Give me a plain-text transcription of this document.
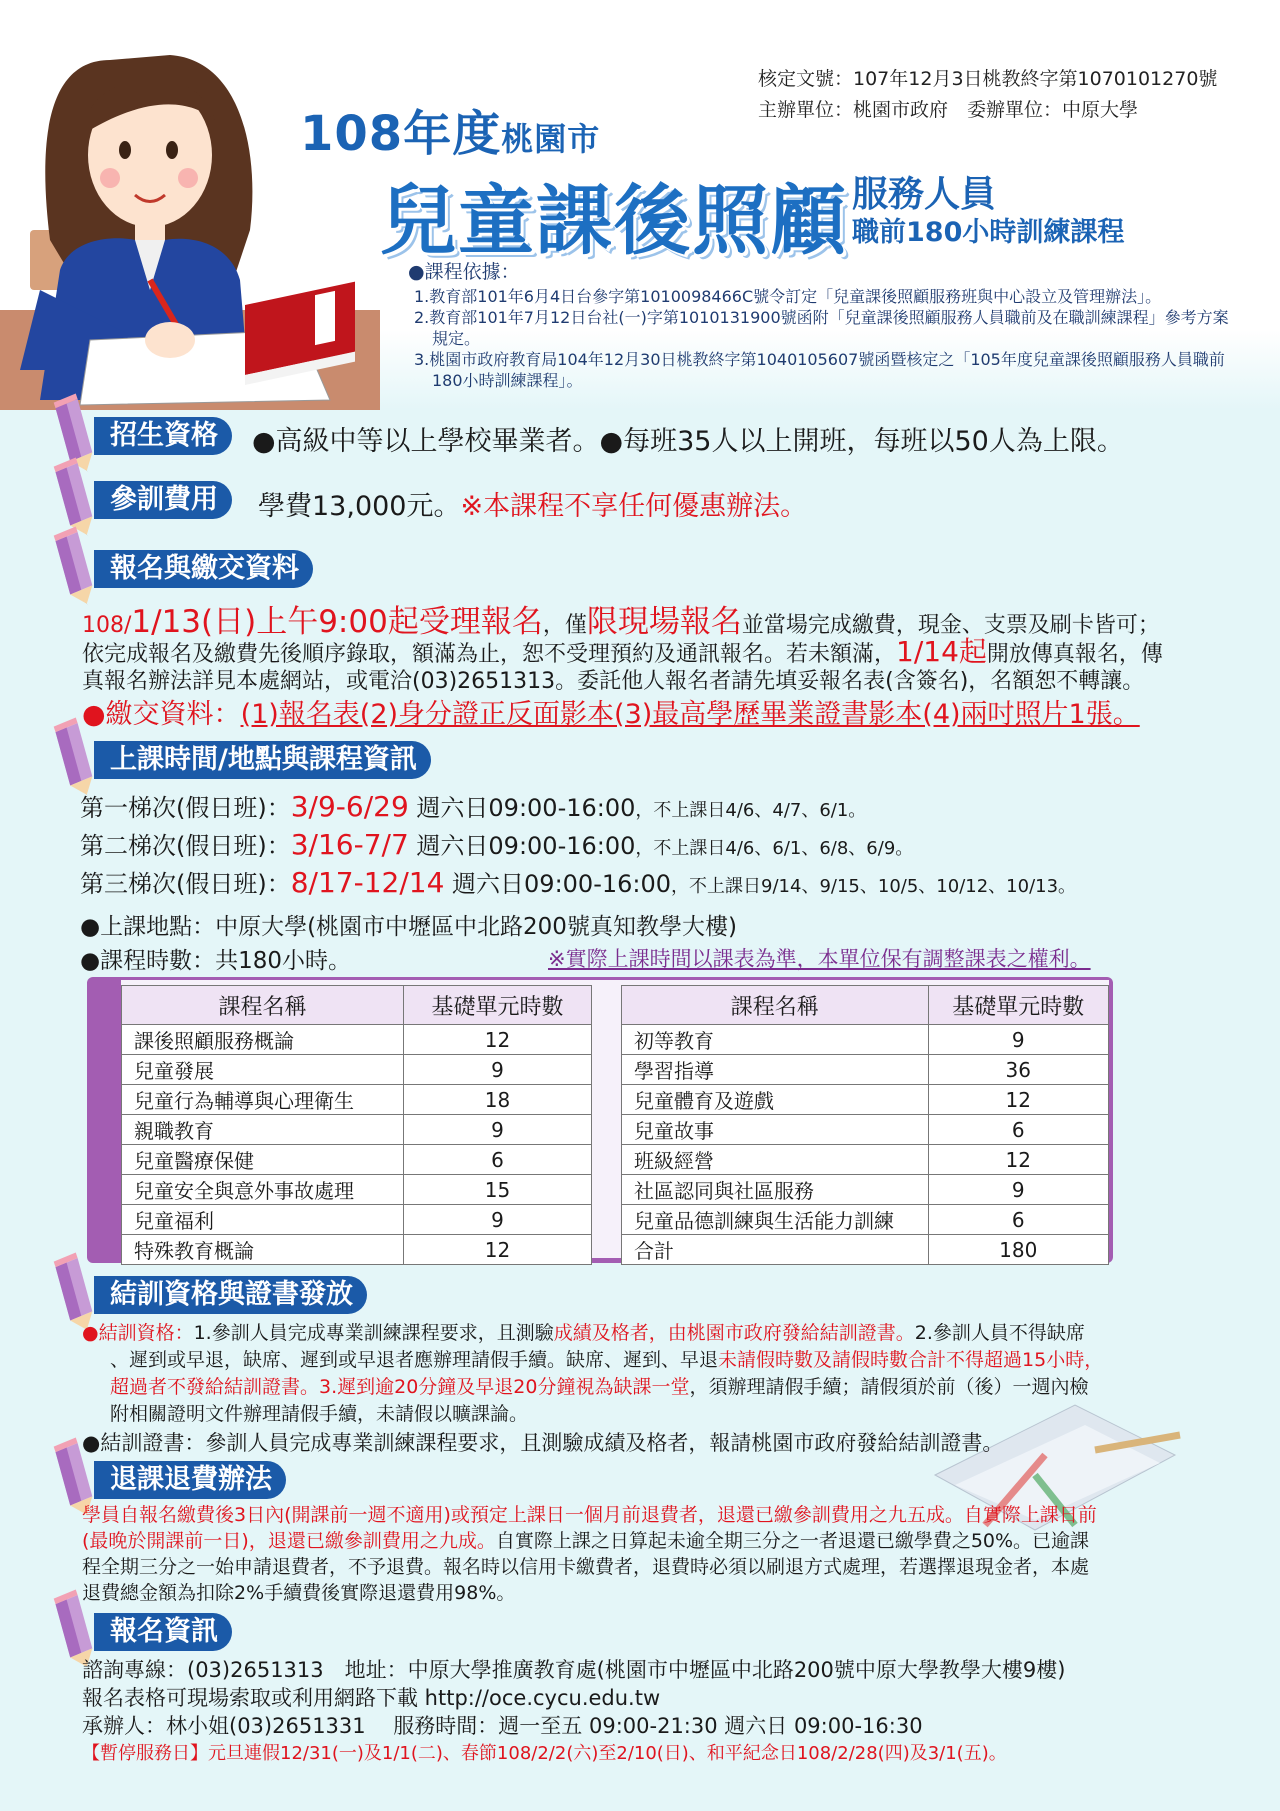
核定文號：107年12月3日桃教終字第1070101270號
主辦單位：桃園市政府　委辦單位：中原大學
108年度桃園市
兒童課後照顧 服務人員
職前180小時訓練課程
●課程依據：
1.教育部101年6月4日台參字第1010098466C號令訂定「兒童課後照顧服務班與中心設立及管理辦法」。
2.教育部101年7月12日台社(一)字第1010131900號函附「兒童課後照顧服務人員職前及在職訓練課程」參考方案規定。
3.桃園市政府教育局104年12月30日桃教終字第1040105607號函暨核定之「105年度兒童課後照顧服務人員職前180小時訓練課程」。
招生資格	●高級中等以上學校畢業者。●每班35人以上開班，每班以50人為上限。
參訓費用	學費13,000元。※本課程不享任何優惠辦法。
報名與繳交資料
108/1/13(日)上午9:00起受理報名，僅限現場報名並當場完成繳費，現金、支票及刷卡皆可；
依完成報名及繳費先後順序錄取，額滿為止，恕不受理預約及通訊報名。若未額滿，1/14起開放傳真報名，傳
真報名辦法詳見本處網站，或電洽(03)2651313。委託他人報名者請先填妥報名表(含簽名)，名額恕不轉讓。
●繳交資料：(1)報名表(2)身分證正反面影本(3)最高學歷畢業證書影本(4)兩吋照片1張。
上課時間/地點與課程資訊
第一梯次(假日班)：3/9-6/29 週六日09:00-16:00，不上課日4/6、4/7、6/1。
第二梯次(假日班)：3/16-7/7 週六日09:00-16:00，不上課日4/6、6/1、6/8、6/9。
第三梯次(假日班)：8/17-12/14 週六日09:00-16:00，不上課日9/14、9/15、10/5、10/12、10/13。
●上課地點：中原大學(桃園市中壢區中北路200號真知教學大樓)
●課程時數：共180小時。	※實際上課時間以課表為準，本單位保有調整課表之權利。
課程名稱	基礎單元時數
課後照顧服務概論	12
兒童發展	9
兒童行為輔導與心理衛生	18
親職教育	9
兒童醫療保健	6
兒童安全與意外事故處理	15
兒童福利	9
特殊教育概論	12
課程名稱	基礎單元時數
初等教育	9
學習指導	36
兒童體育及遊戲	12
兒童故事	6
班級經營	12
社區認同與社區服務	9
兒童品德訓練與生活能力訓練	6
合計	180
結訓資格與證書發放
●結訓資格：1.參訓人員完成專業訓練課程要求，且測驗成績及格者，由桃園市政府發給結訓證書。2.參訓人員不得缺席
、遲到或早退，缺席、遲到或早退者應辦理請假手續。缺席、遲到、早退未請假時數及請假時數合計不得超過15小時，
超過者不發給結訓證書。3.遲到逾20分鐘及早退20分鐘視為缺課一堂，須辦理請假手續；請假須於前（後）一週內檢
附相關證明文件辦理請假手續，未請假以曠課論。
●結訓證書：參訓人員完成專業訓練課程要求，且測驗成績及格者，報請桃園市政府發給結訓證書。
退課退費辦法
學員自報名繳費後3日內(開課前一週不適用)或預定上課日一個月前退費者，退還已繳參訓費用之九五成。自實際上課日前
(最晚於開課前一日)，退還已繳參訓費用之九成。自實際上課之日算起未逾全期三分之一者退還已繳學費之50%。已逾課
程全期三分之一始申請退費者，不予退費。報名時以信用卡繳費者，退費時必須以刷退方式處理，若選擇退現金者，本處
退費總金額為扣除2%手續費後實際退還費用98%。
報名資訊
諮詢專線：(03)2651313　地址：中原大學推廣教育處(桃園市中壢區中北路200號中原大學教學大樓9樓)
報名表格可現場索取或利用網路下載 http://oce.cycu.edu.tw
承辦人：林小姐(03)2651331　 服務時間：週一至五 09:00-21:30 週六日 09:00-16:30
【暫停服務日】元旦連假12/31(一)及1/1(二)、春節108/2/2(六)至2/10(日)、和平紀念日108/2/28(四)及3/1(五)。
